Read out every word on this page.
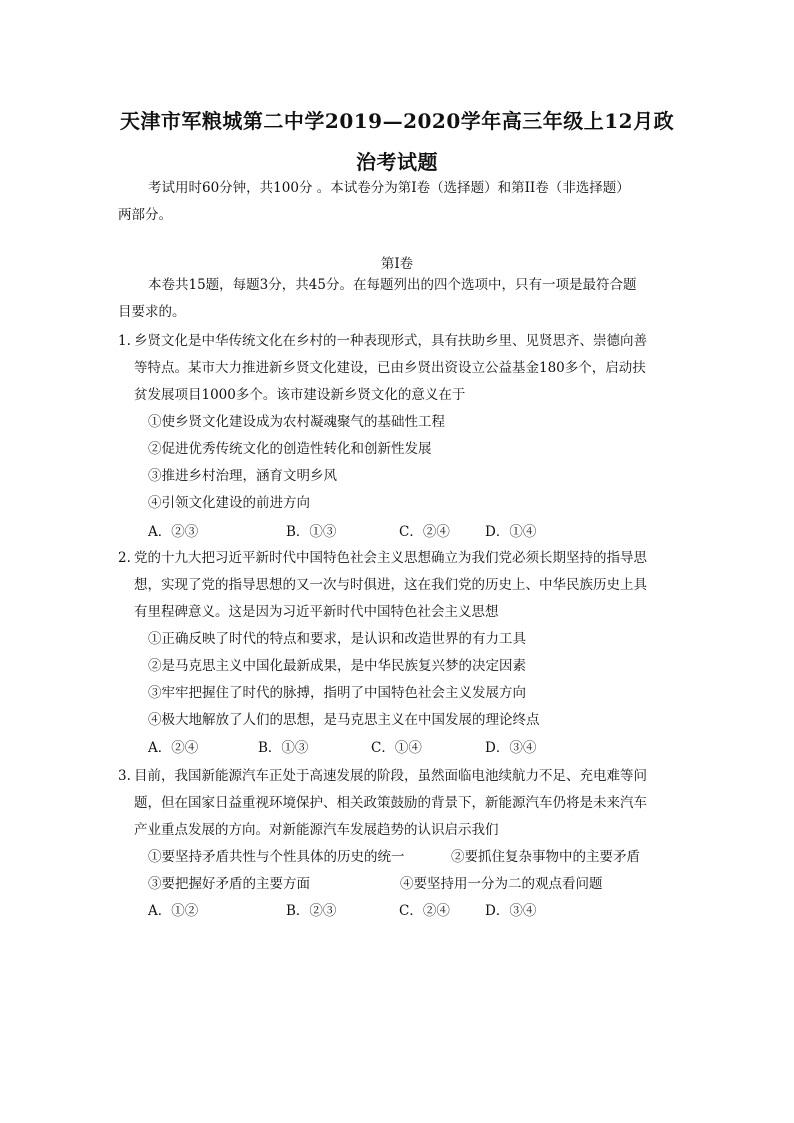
天津市军粮城第二中学2019—2020学年高三年级上12月政
治考试题
考试用时60分钟，共100分 。本试卷分为第Ⅰ卷（选择题）和第II卷（非选择题）
两部分。
第Ⅰ卷
本卷共15题，每题3分，共45分。在每题列出的四个选项中，只有一项是最符合题
目要求的。
1. 乡贤文化是中华传统文化在乡村的一种表现形式，具有扶助乡里、见贤思齐、崇德向善
等特点。某市大力推进新乡贤文化建设，已由乡贤出资设立公益基金180多个，启动扶
贫发展项目1000多个。该市建设新乡贤文化的意义在于
①使乡贤文化建设成为农村凝魂聚气的基础性工程
②促进优秀传统文化的创造性转化和创新性发展
③推进乡村治理，涵育文明乡风
④引领文化建设的前进方向
A．②③	B．①③	C．②④	D．①④
2. 党的十九大把习近平新时代中国特色社会主义思想确立为我们党必须长期坚持的指导思
想，实现了党的指导思想的又一次与时俱进，这在我们党的历史上、中华民族历史上具
有里程碑意义。这是因为习近平新时代中国特色社会主义思想
①正确反映了时代的特点和要求，是认识和改造世界的有力工具
②是马克思主义中国化最新成果，是中华民族复兴梦的决定因素
③牢牢把握住了时代的脉搏，指明了中国特色社会主义发展方向
④极大地解放了人们的思想，是马克思主义在中国发展的理论终点
A．②④	B．①③	C．①④	D．③④
3. 目前，我国新能源汽车正处于高速发展的阶段，虽然面临电池续航力不足、充电难等问
题，但在国家日益重视环境保护、相关政策鼓励的背景下，新能源汽车仍将是未来汽车
产业重点发展的方向。对新能源汽车发展趋势的认识启示我们
①要坚持矛盾共性与个性具体的历史的统一	②要抓住复杂事物中的主要矛盾
③要把握好矛盾的主要方面	④要坚持用一分为二的观点看问题
A．①②	B．②③	C．②④	D．③④
